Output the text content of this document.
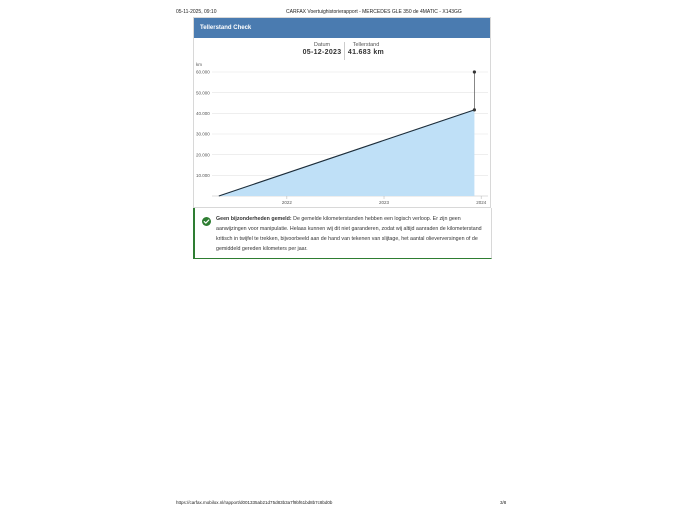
05-11-2025, 09:10	CARFAX Voertuighistorierapport - MERCEDES GLE 350 de 4MATIC - X143GG
Tellerstand Check
Datum
05-12-2023
Tellerstand
41.683 km
km
60.000
50.000
40.000
30.000
20.000
10.000
2022	2023	2024
Geen bijzonderheden gemeld: De gemelde kilometerstanden hebben een logisch verloop. Er zijn geen aanwijzingen voor manipulatie. Helaas kunnen wij dit niet garanderen, zodat wij altijd aanraden de kilometerstand kritisch in twijfel te trekken, bijvoorbeeld aan de hand van tekenen van slijtage, het aantal olieverversingen of de gemiddeld gereden kilometers per jaar.
https://carfax.mobilox.nl/rapport/d001335ab21d75d83b3a7f9bf61bd8b7c8bd0b	3/8
